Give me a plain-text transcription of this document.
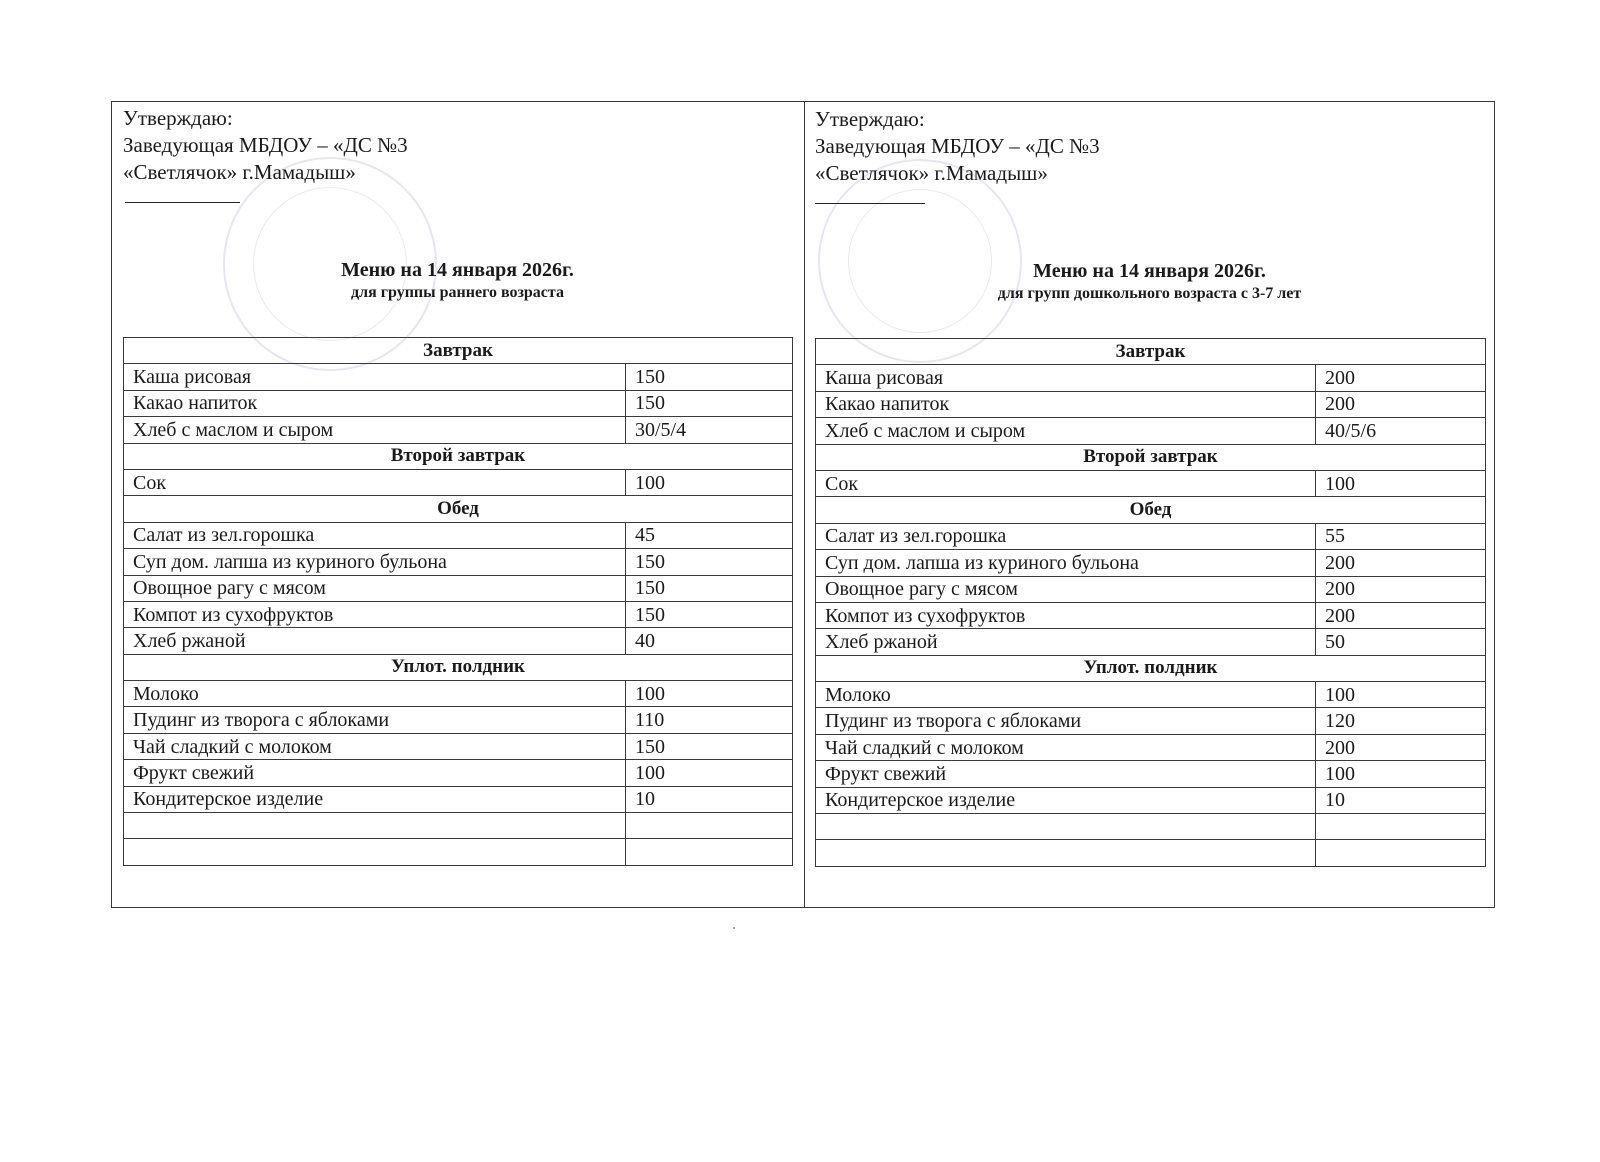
Утверждаю:
Заведующая МБДОУ – «ДС №3
«Светлячок» г.Мамадыш»
Меню на 14 января 2026г.
для группы раннего возраста
Завтрак	
Каша рисовая	150
Какао напиток	150
Хлеб с маслом и сыром	30/5/4
Второй завтрак	
Сок	100
Обед	
Салат из зел.горошка	45
Суп дом. лапша из куриного бульона	150
Овощное рагу с мясом	150
Компот из сухофруктов	150
Хлеб ржаной	40
Уплот. полдник	
Молоко	100
Пудинг из творога с яблоками	110
Чай сладкий с молоком	150
Фрукт свежий	100
Кондитерское изделие	10

Утверждаю:
Заведующая МБДОУ – «ДС №3
«Светлячок» г.Мамадыш»
Меню на 14 января 2026г.
для групп дошкольного возраста с 3-7 лет
Завтрак	
Каша рисовая	200
Какао напиток	200
Хлеб с маслом и сыром	40/5/6
Второй завтрак	
Сок	100
Обед	
Салат из зел.горошка	55
Суп дом. лапша из куриного бульона	200
Овощное рагу с мясом	200
Компот из сухофруктов	200
Хлеб ржаной	50
Уплот. полдник	
Молоко	100
Пудинг из творога с яблоками	120
Чай сладкий с молоком	200
Фрукт свежий	100
Кондитерское изделие	10
